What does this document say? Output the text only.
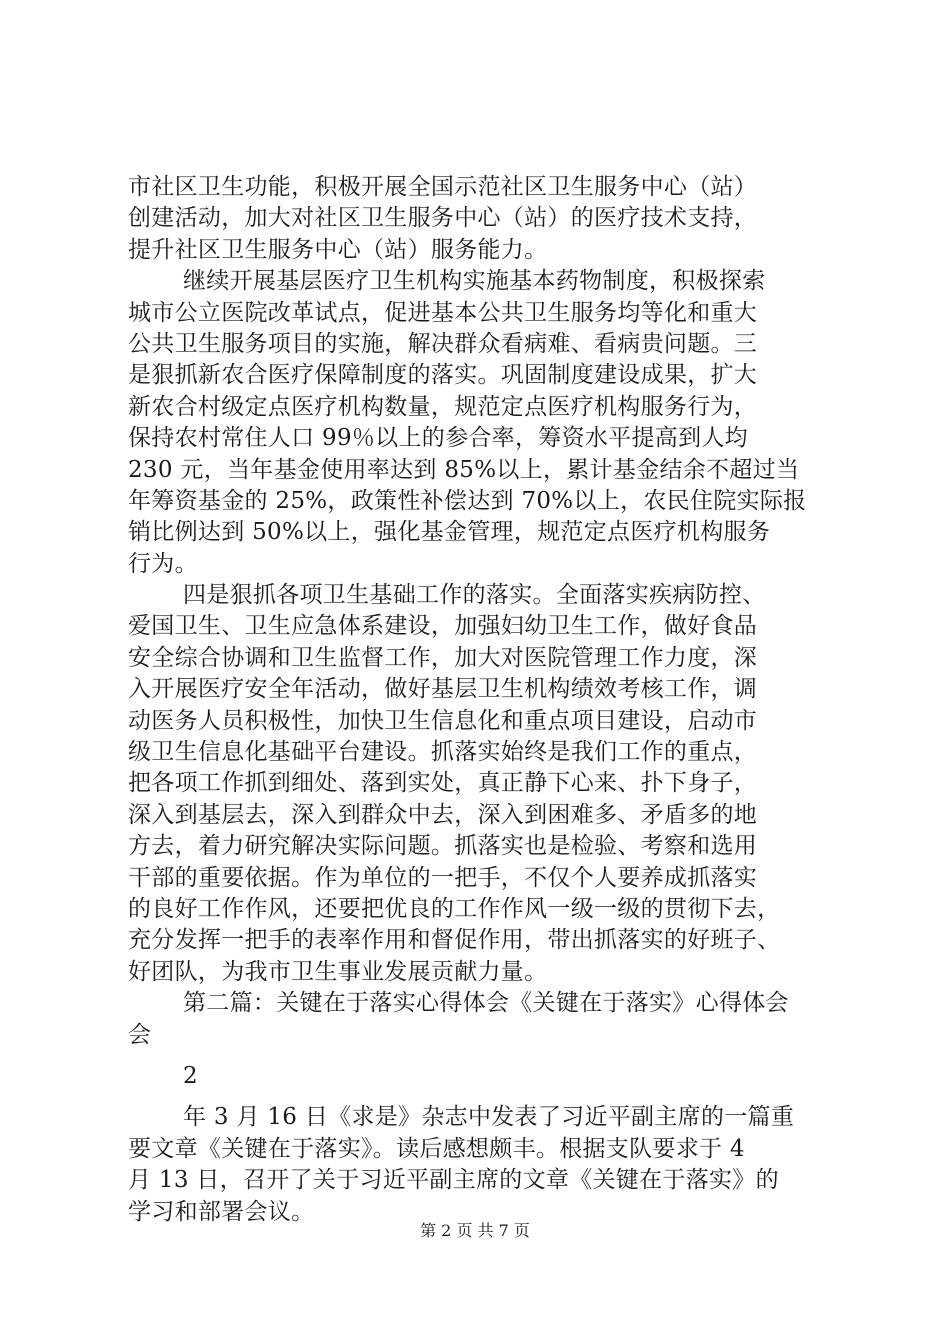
市社区卫生功能，积极开展全国示范社区卫生服务中心（站）
创建活动，加大对社区卫生服务中心（站）的医疗技术支持，
提升社区卫生服务中心（站）服务能力。
继续开展基层医疗卫生机构实施基本药物制度，积极探索
城市公立医院改革试点，促进基本公共卫生服务均等化和重大
公共卫生服务项目的实施，解决群众看病难、看病贵问题。三
是狠抓新农合医疗保障制度的落实。巩固制度建设成果，扩大
新农合村级定点医疗机构数量，规范定点医疗机构服务行为，
保持农村常住人口 99％以上的参合率，筹资水平提高到人均
230 元，当年基金使用率达到 85%以上，累计基金结余不超过当
年筹资基金的 25%，政策性补偿达到 70%以上，农民住院实际报
销比例达到 50%以上，强化基金管理，规范定点医疗机构服务
行为。
四是狠抓各项卫生基础工作的落实。全面落实疾病防控、
爱国卫生、卫生应急体系建设，加强妇幼卫生工作，做好食品
安全综合协调和卫生监督工作，加大对医院管理工作力度，深
入开展医疗安全年活动，做好基层卫生机构绩效考核工作，调
动医务人员积极性，加快卫生信息化和重点项目建设，启动市
级卫生信息化基础平台建设。抓落实始终是我们工作的重点，
把各项工作抓到细处、落到实处，真正静下心来、扑下身子，
深入到基层去，深入到群众中去，深入到困难多、矛盾多的地
方去，着力研究解决实际问题。抓落实也是检验、考察和选用
干部的重要依据。作为单位的一把手，不仅个人要养成抓落实
的良好工作作风，还要把优良的工作作风一级一级的贯彻下去，
充分发挥一把手的表率作用和督促作用，带出抓落实的好班子、
好团队，为我市卫生事业发展贡献力量。
第二篇：关键在于落实心得体会《关键在于落实》心得体会
会
2
年 3 月 16 日《求是》杂志中发表了习近平副主席的一篇重
要文章《关键在于落实》。读后感想颇丰。根据支队要求于 4
月 13 日，召开了关于习近平副主席的文章《关键在于落实》的
学习和部署会议。
第 2 页 共 7 页
